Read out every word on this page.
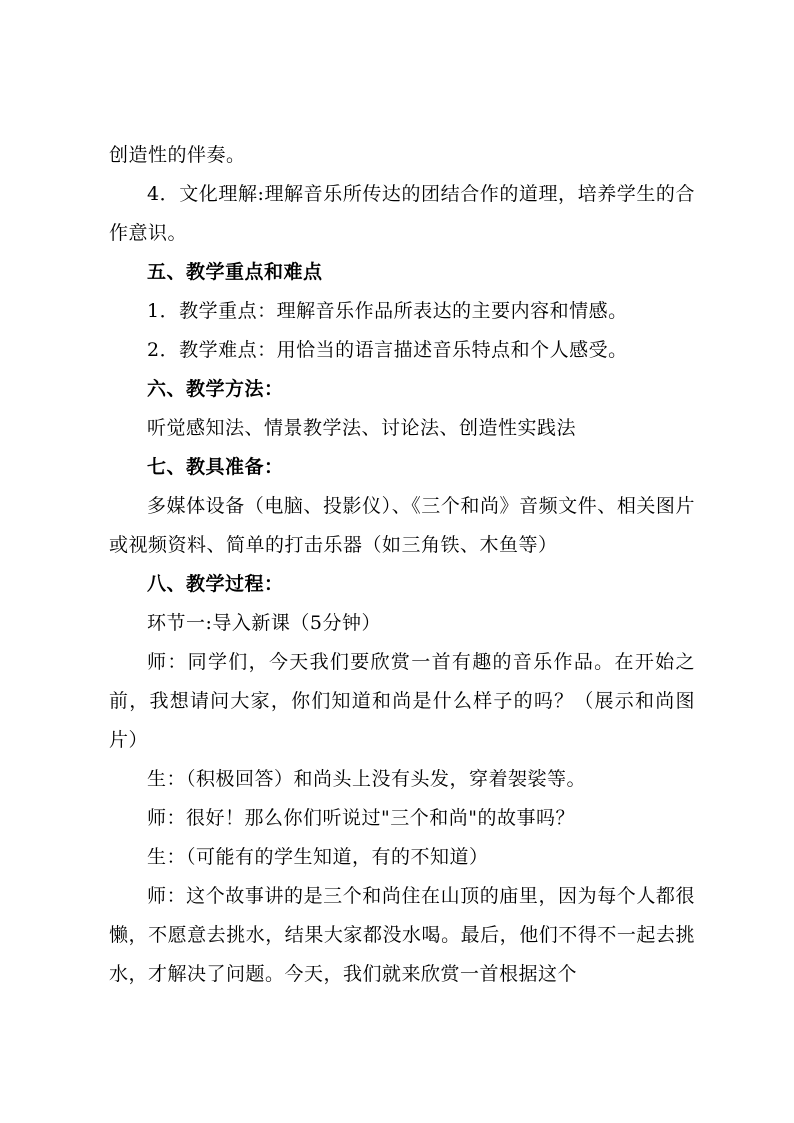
创造性的伴奏。

4．文化理解:理解音乐所传达的团结合作的道理，培养学生的合作意识。

五、教学重点和难点

1．教学重点：理解音乐作品所表达的主要内容和情感。

2．教学难点：用恰当的语言描述音乐特点和个人感受。

六、教学方法：

听觉感知法、情景教学法、讨论法、创造性实践法

七、教具准备：

多媒体设备（电脑、投影仪）、《三个和尚》音频文件、相关图片或视频资料、简单的打击乐器（如三角铁、木鱼等）

八、教学过程：

环节一:导入新课（5分钟）

师：同学们，今天我们要欣赏一首有趣的音乐作品。在开始之前，我想请问大家，你们知道和尚是什么样子的吗？（展示和尚图片）

生：（积极回答）和尚头上没有头发，穿着袈裟等。

师：很好！那么你们听说过"三个和尚"的故事吗？

生：（可能有的学生知道，有的不知道）

师：这个故事讲的是三个和尚住在山顶的庙里，因为每个人都很懒，不愿意去挑水，结果大家都没水喝。最后，他们不得不一起去挑水，才解决了问题。今天，我们就来欣赏一首根据这个
